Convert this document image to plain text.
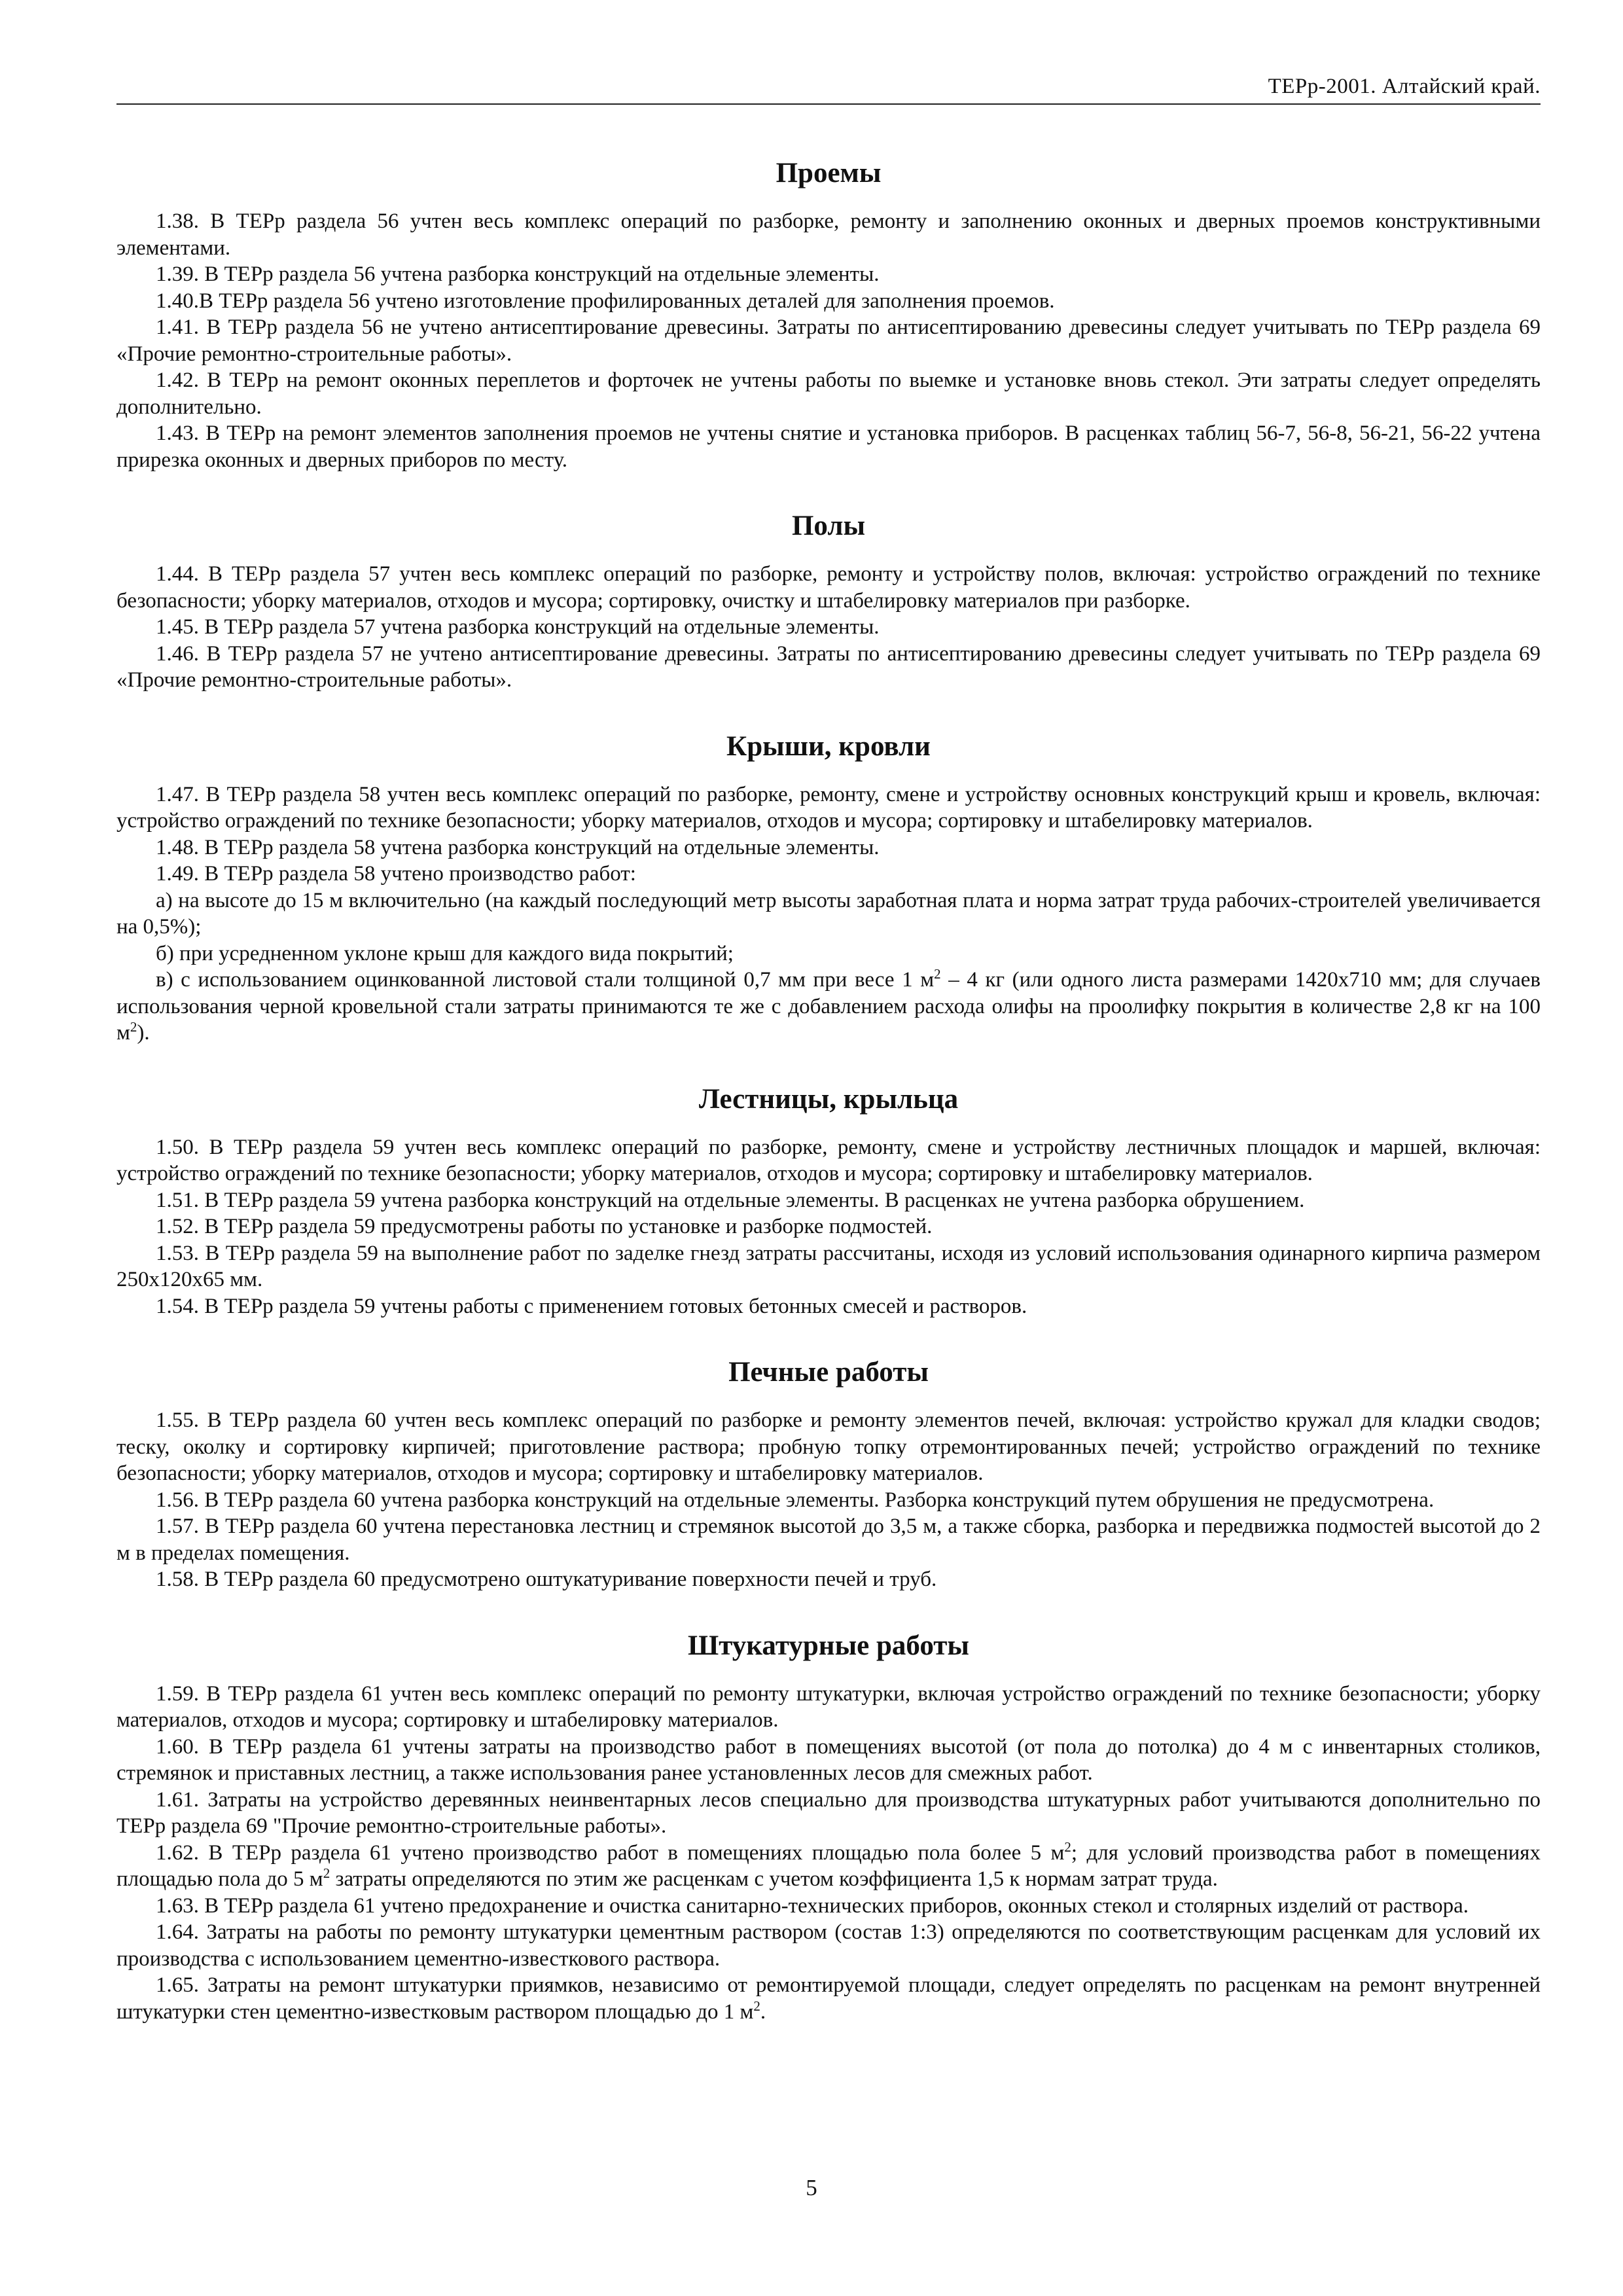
ТЕРр-2001. Алтайский край.
Проемы

1.38. В ТЕРр раздела 56 учтен весь комплекс операций по разборке, ремонту и заполнению оконных и дверных проемов конструктивными элементами.

1.39. В ТЕРр раздела 56 учтена разборка конструкций на отдельные элементы.

1.40.В ТЕРр раздела 56 учтено изготовление профилированных деталей для заполнения проемов.

1.41. В ТЕРр раздела 56 не учтено антисептирование древесины. Затраты по антисептированию древесины следует учитывать по ТЕРр раздела 69 «Прочие ремонтно-строительные работы».

1.42. В ТЕРр на ремонт оконных переплетов и форточек не учтены работы по выемке и установке вновь стекол. Эти затраты следует определять дополнительно.

1.43. В ТЕРр на ремонт элементов заполнения проемов не учтены снятие и установка приборов. В расценках таблиц 56-7, 56-8, 56-21, 56-22 учтена прирезка оконных и дверных приборов по месту.

Полы

1.44. В ТЕРр раздела 57 учтен весь комплекс операций по разборке, ремонту и устройству полов, включая: устройство ограждений по технике безопасности; уборку материалов, отходов и мусора; сортировку, очистку и штабелировку материалов при разборке.

1.45. В ТЕРр раздела 57 учтена разборка конструкций на отдельные элементы.

1.46. В ТЕРр раздела 57 не учтено антисептирование древесины. Затраты по антисептированию древесины следует учитывать по ТЕРр раздела 69 «Прочие ремонтно-строительные работы».

Крыши, кровли

1.47. В ТЕРр раздела 58 учтен весь комплекс операций по разборке, ремонту, смене и устройству основных конструкций крыш и кровель, включая: устройство ограждений по технике безопасности; уборку материалов, отходов и мусора; сортировку и штабелировку материалов.

1.48. В ТЕРр раздела 58 учтена разборка конструкций на отдельные элементы.

1.49. В ТЕРр раздела 58 учтено производство работ:

а) на высоте до 15 м включительно (на каждый последующий метр высоты заработная плата и норма затрат труда рабочих-строителей увеличивается на 0,5%);

б) при усредненном уклоне крыш для каждого вида покрытий;

в) с использованием оцинкованной листовой стали толщиной 0,7 мм при весе 1 $м^2 - 4$ кг (или одного листа размерами 1420х710 мм; для случаев использования черной кровельной стали затраты принимаются те же с добавлением расхода олифы на проолифку покрытия в количестве 2,8 кг на 100 $м^2$).

Лестницы, крыльца

1.50. В ТЕРр раздела 59 учтен весь комплекс операций по разборке, ремонту, смене и устройству лестничных площадок и маршей, включая: устройство ограждений по технике безопасности; уборку материалов, отходов и мусора; сортировку и штабелировку материалов.

1.51. В ТЕРр раздела 59 учтена разборка конструкций на отдельные элементы. В расценках не учтена разборка обрушением.

1.52. В ТЕРр раздела 59 предусмотрены работы по установке и разборке подмостей.

1.53. В ТЕРр раздела 59 на выполнение работ по заделке гнезд затраты рассчитаны, исходя из условий использования одинарного кирпича размером 250х120х65 мм.

1.54. В ТЕРр раздела 59 учтены работы с применением готовых бетонных смесей и растворов.

Печные работы

1.55. В ТЕРр раздела 60 учтен весь комплекс операций по разборке и ремонту элементов печей, включая: устройство кружал для кладки сводов; теску, околку и сортировку кирпичей; приготовление раствора; пробную топку отремонтированных печей; устройство ограждений по технике безопасности; уборку материалов, отходов и мусора; сортировку и штабелировку материалов.

1.56. В ТЕРр раздела 60 учтена разборка конструкций на отдельные элементы. Разборка конструкций путем обрушения не предусмотрена.

1.57. В ТЕРр раздела 60 учтена перестановка лестниц и стремянок высотой до 3,5 м, а также сборка, разборка и передвижка подмостей высотой до 2 м в пределах помещения.

1.58. В ТЕРр раздела 60 предусмотрено оштукатуривание поверхности печей и труб.

Штукатурные работы

1.59. В ТЕРр раздела 61 учтен весь комплекс операций по ремонту штукатурки, включая устройство ограждений по технике безопасности; уборку материалов, отходов и мусора; сортировку и штабелировку материалов.

1.60. В ТЕРр раздела 61 учтены затраты на производство работ в помещениях высотой (от пола до потолка) до 4 м с инвентарных столиков, стремянок и приставных лестниц, а также использования ранее установленных лесов для смежных работ.

1.61. Затраты на устройство деревянных неинвентарных лесов специально для производства штукатурных работ учитываются дополнительно по ТЕРр раздела 69 "Прочие ремонтно-строительные работы».

1.62. В ТЕРр раздела 61 учтено производство работ в помещениях площадью пола более 5 $м^2$; для условий производства работ в помещениях площадью пола до 5 $м^2$ затраты определяются по этим же расценкам с учетом коэффициента 1,5 к нормам затрат труда.

1.63. В ТЕРр раздела 61 учтено предохранение и очистка санитарно-технических приборов, оконных стекол и столярных изделий от раствора.

1.64. Затраты на работы по ремонту штукатурки цементным раствором (состав 1:3) определяются по соответствующим расценкам для условий их производства с использованием цементно-известкового раствора.

1.65. Затраты на ремонт штукатурки приямков, независимо от ремонтируемой площади, следует определять по расценкам на ремонт внутренней штукатурки стен цементно-известковым раствором площадью до 1 $м^2$.

5
